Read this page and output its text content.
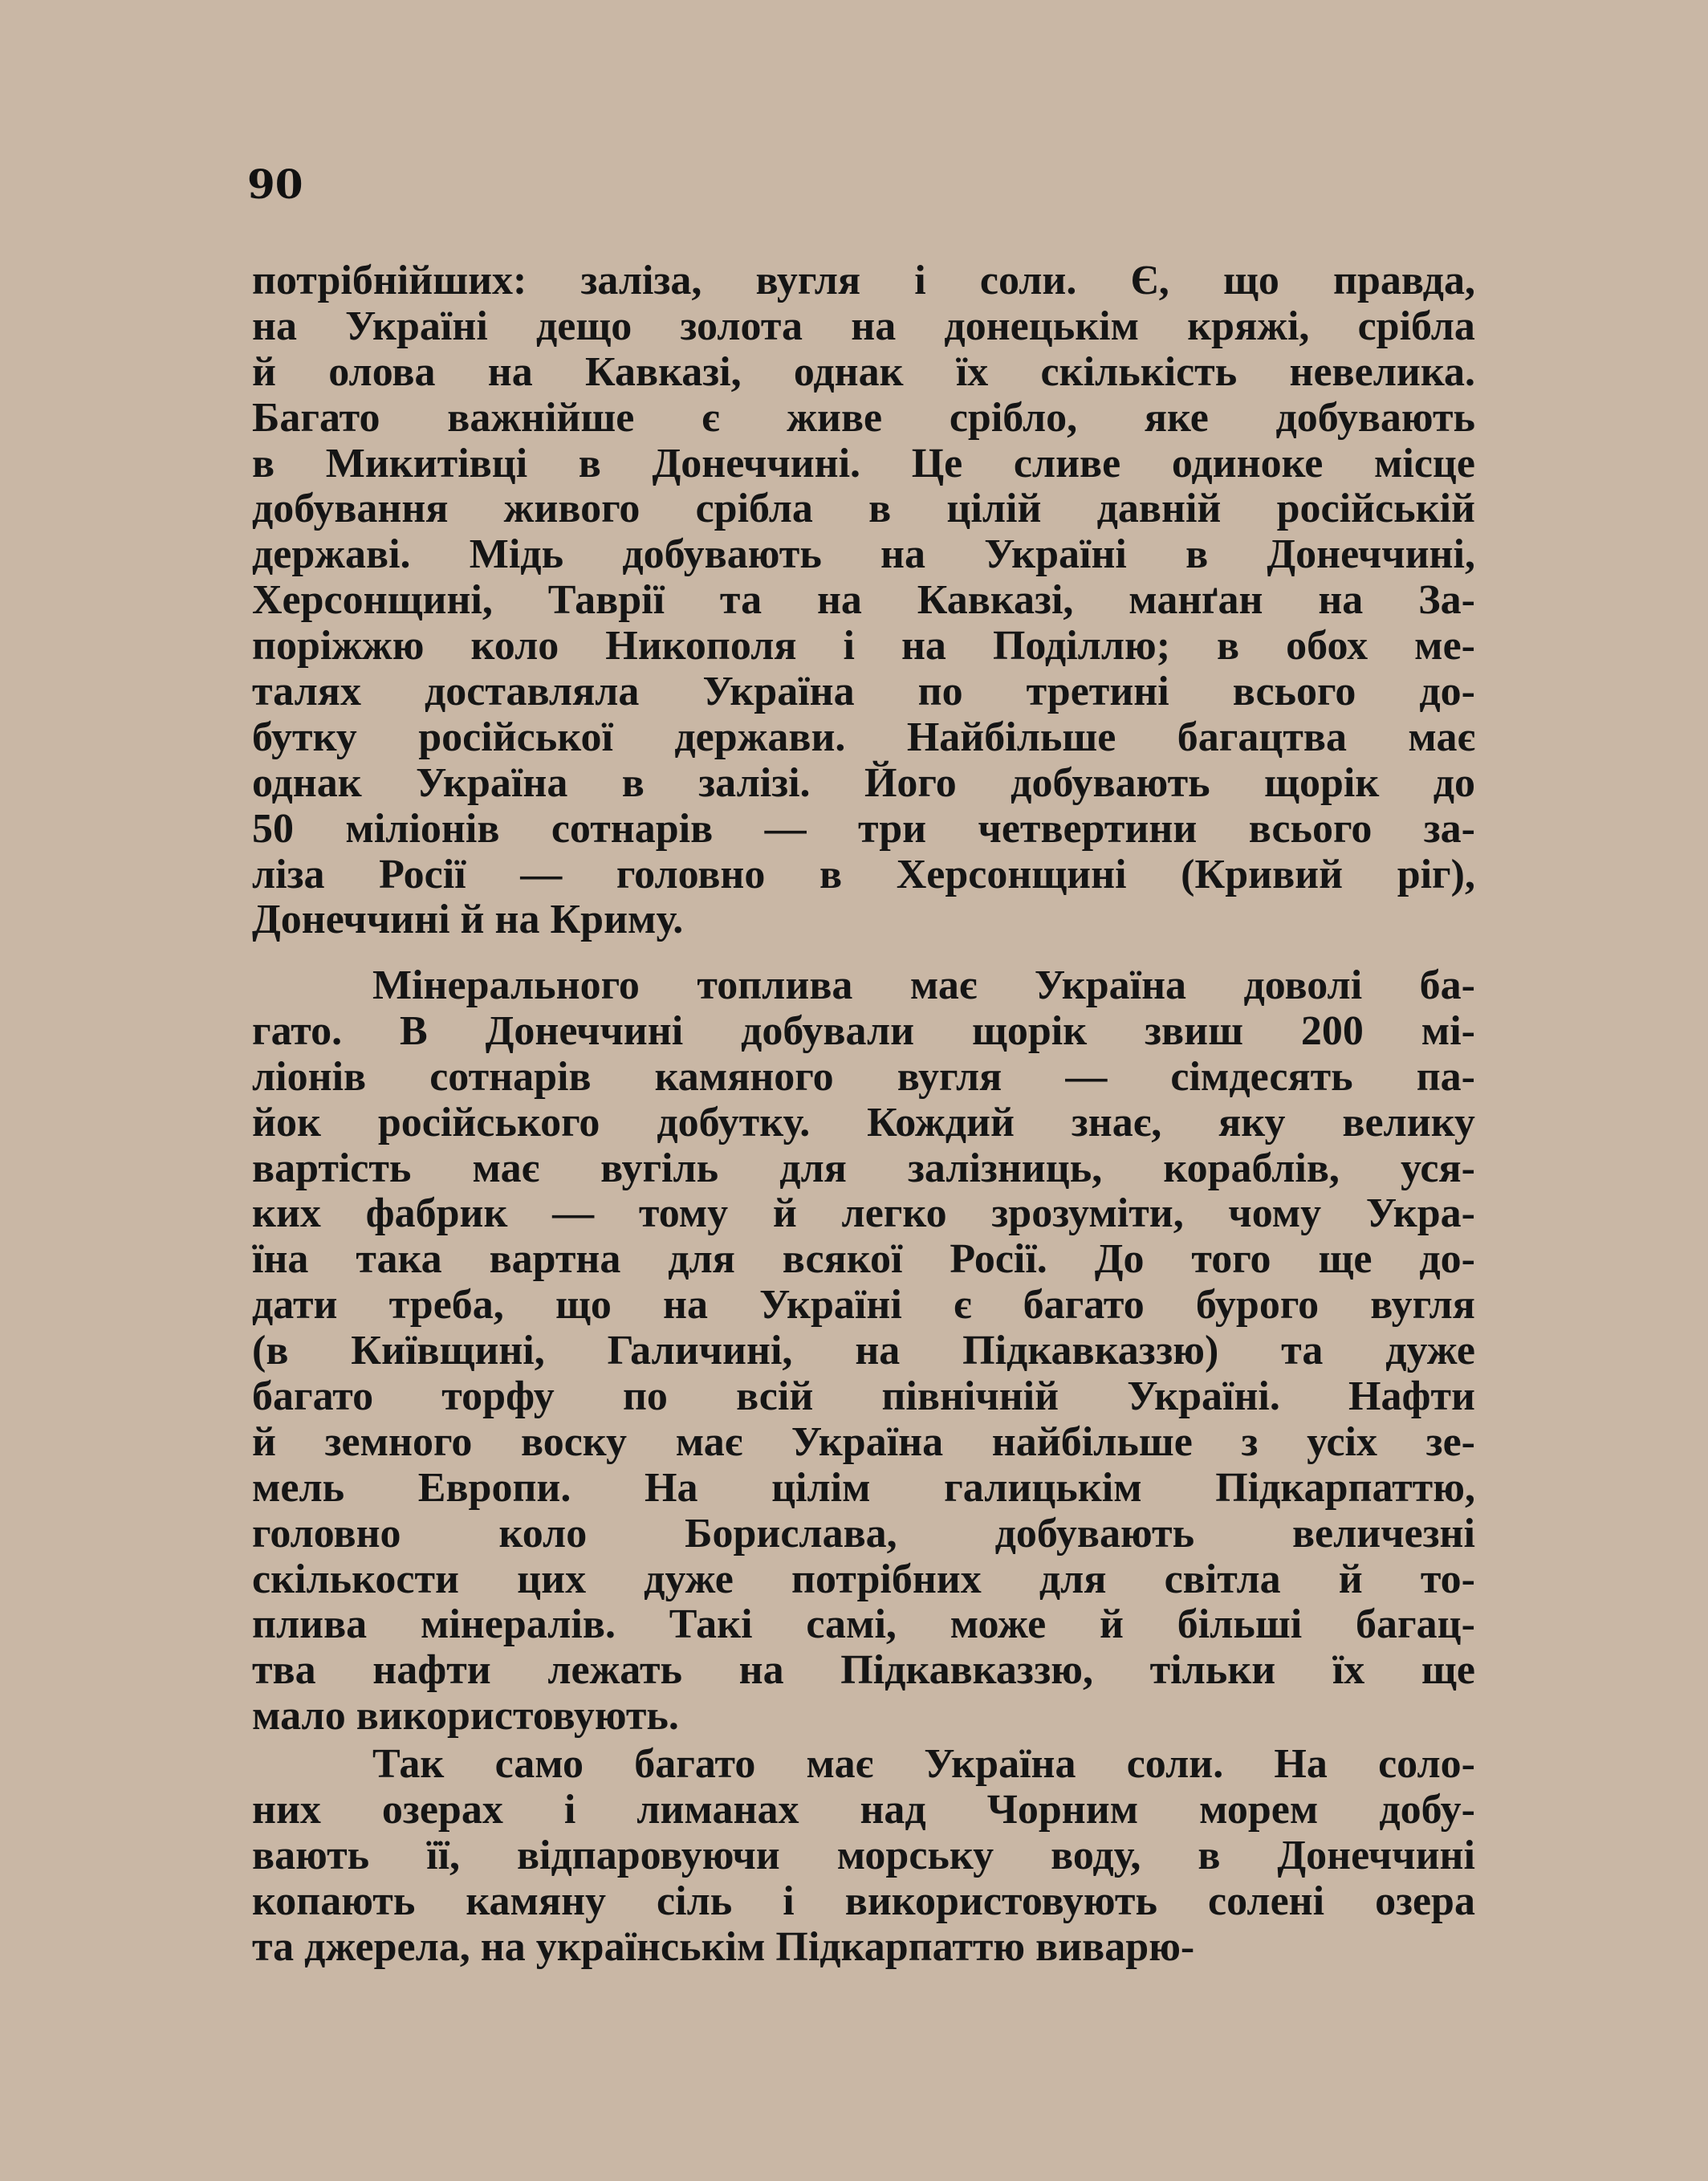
90
потрібнійших: заліза, вугля і соли. Є, що правда,
на Україні дещо золота на донецькім кряжі, срібла
й олова на Кавказі, однак їх скількість невелика.
Багато важнійше є живе срібло, яке добувають
в Микитівці в Донеччині. Це сливе одиноке місце
добування живого срібла в цілій давній російській
державі. Мідь добувають на Україні в Донеччині,
Херсонщині, Таврії та на Кавказі, манґан на За-
поріжжю коло Никополя і на Поділлю; в обох ме-
талях доставляла Україна по третині всього до-
бутку російської держави. Найбільше багацтва має
однак Україна в залізі. Його добувають щорік до
50 міліонів сотнарів — три четвертини всього за-
ліза Росії — головно в Херсонщині (Кривий ріг),
Донеччині й на Криму.
Мінерального топлива має Україна доволі ба-
гато. В Донеччині добували щорік звиш 200 мі-
ліонів сотнарів камяного вугля — сімдесять па-
йок російського добутку. Кождий знає, яку велику
вартість має вугіль для залізниць, кораблів, уся-
ких фабрик — тому й легко зрозуміти, чому Укра-
їна така вартна для всякої Росії. До того ще до-
дати треба, що на Україні є багато бурого вугля
(в Київщині, Галичині, на Підкавказзю) та дуже
багато торфу по всій північній Україні. Нафти
й земного воску має Україна найбільше з усіх зе-
мель Европи. На цілім галицькім Підкарпаттю,
головно коло Борислава, добувають величезні
скількости цих дуже потрібних для світла й то-
плива мінералів. Такі самі, може й більші багац-
тва нафти лежать на Підкавказзю, тільки їх ще
мало використовують.
Так само багато має Україна соли. На соло-
них озерах і лиманах над Чорним морем добу-
вають її, відпаровуючи морську воду, в Донеччині
копають камяну сіль і використовують солені озера
та джерела, на українськім Підкарпаттю виварю-
